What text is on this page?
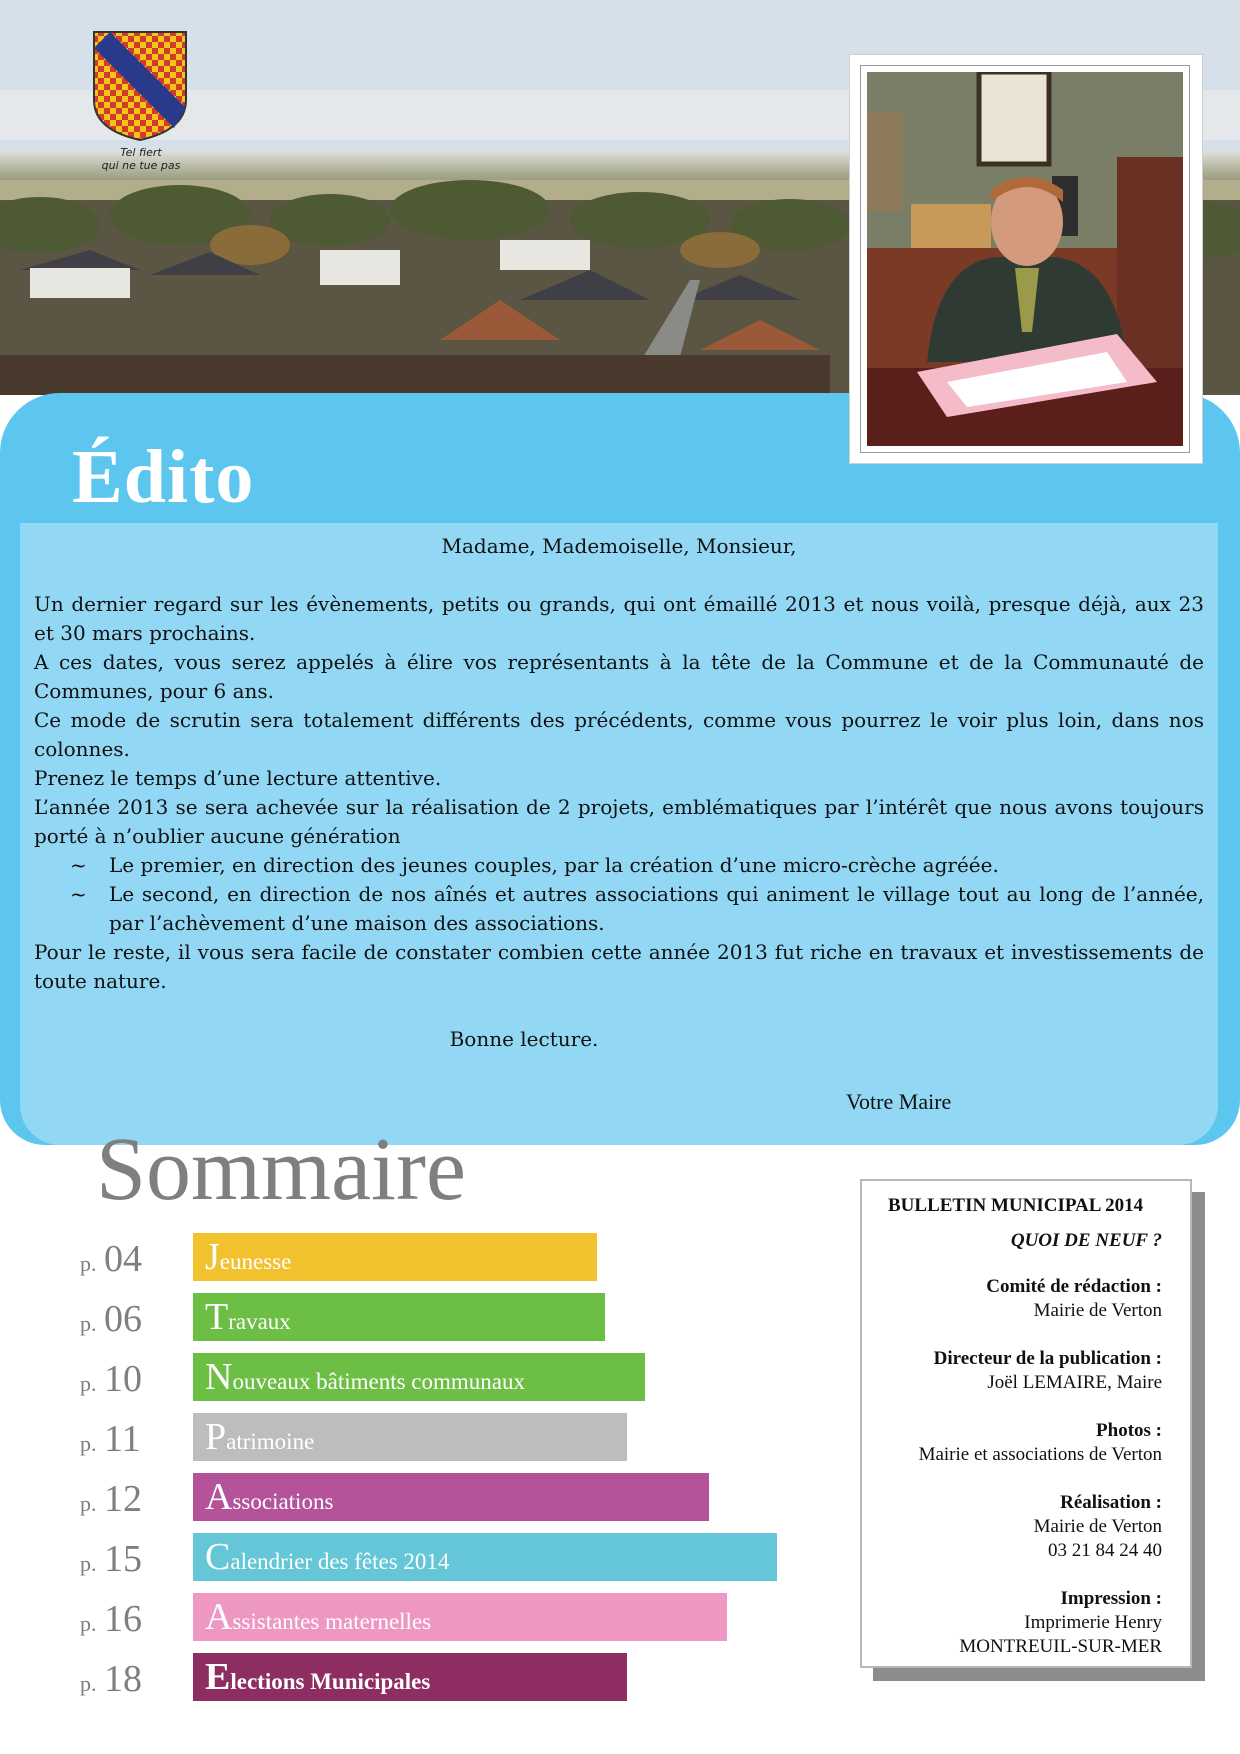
Tel fiert
qui ne tue pas
Édito
Madame, Mademoiselle, Monsieur,

Un dernier regard sur les évènements, petits ou grands, qui ont émaillé 2013 et nous voilà, presque déjà, aux 23 et 30 mars prochains.

A ces dates, vous serez appelés à élire vos représentants à la tête de la Commune et de la Communauté de Communes, pour 6 ans.

Ce mode de scrutin sera totalement différents des précédents, comme vous pourrez le voir plus loin, dans nos colonnes.

Prenez le temps d’une lecture attentive.

L’année 2013 se sera achevée sur la réalisation de 2 projets, emblématiques par l’intérêt que nous avons toujours porté à n’oublier aucune génération

~ Le premier, en direction des jeunes couples, par la création d’une micro-crèche agréée.
~ Le second, en direction de nos aînés et autres associations qui animent le village tout au long de l’année, par l’achèvement d’une maison des associations.

Pour le reste, il vous sera facile de constater combien cette année 2013 fut riche en travaux et investissements de toute nature.

Bonne lecture.
Votre Maire
Sommaire
p. 04	Jeunesse
p. 06	Travaux
p. 10	Nouveaux bâtiments communaux
p. 11	Patrimoine
p. 12	Associations
p. 15	Calendrier des fêtes 2014
p. 16	Assistantes maternelles
p. 18	Elections Municipales
BULLETIN MUNICIPAL 2014
QUOI DE NEUF ?
Comité de rédaction :
Mairie de Verton
Directeur de la publication :
Joël LEMAIRE, Maire
Photos :
Mairie et associations de Verton
Réalisation :
Mairie de Verton
03 21 84 24 40
Impression :
Imprimerie Henry
MONTREUIL-SUR-MER
